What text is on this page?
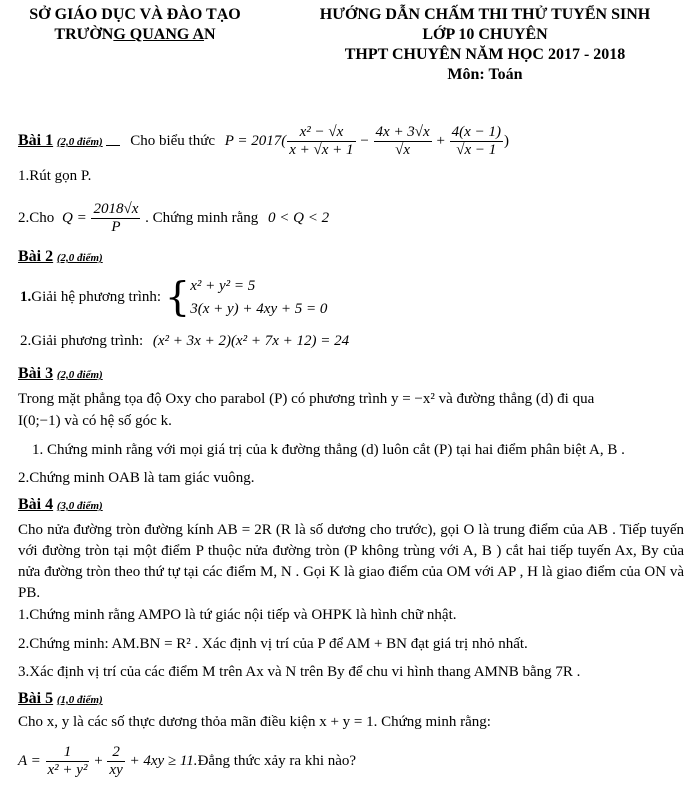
SỞ GIÁO DỤC VÀ ĐÀO TẠO
TRƯỜNG QUANG AN
HƯỚNG DẪN CHẤM THI THỬ TUYỂN SINH
LỚP 10 CHUYÊN
THPT CHUYÊN NĂM HỌC 2017 - 2018
Môn: Toán
Bài 1 (2,0 điểm) Cho biểu thức $P = 2017( \frac{\text{x² − √x}}{x + √x + 1} - \frac{4x + 3√x}{√x} + \frac{4(x - 1)}{√x - 1}$ )
1.Rút gọn P.
2.Cho $Q = \frac{2018√x}{P}$ . Chứng minh rằng 0 < Q < 2
Bài 2 (2,0 điểm)
1.Giải hệ phương trình: { x² + y² = 5
3(x + y) + 4xy + 5 = 0
2.Giải phương trình: (x² + 3x + 2)(x² + 7x + 12) = 24
Bài 3 (2,0 điểm)
Trong mặt phẳng tọa độ Oxy cho parabol (P) có phương trình y = −x² và đường thẳng (d) đi qua
I(0;−1) và có hệ số góc k.
1. Chứng minh rằng với mọi giá trị của k đường thẳng (d) luôn cắt (P) tại hai điểm phân biệt A, B .
2.Chứng minh OAB là tam giác vuông.
Bài 4 (3,0 điểm)
Cho nửa đường tròn đường kính AB = 2R (R là số dương cho trước), gọi O là trung điểm của AB . Tiếp tuyến với đường tròn tại một điểm P thuộc nửa đường tròn (P không trùng với A, B ) cắt hai tiếp tuyến Ax, By của nửa đường tròn theo thứ tự tại các điểm M, N . Gọi K là giao điểm của OM với AP , H là giao điểm của ON và PB.
1.Chứng minh rằng AMPO là tứ giác nội tiếp và OHPK là hình chữ nhật.
2.Chứng minh: AM.BN = R² . Xác định vị trí của P để AM + BN đạt giá trị nhỏ nhất.
3.Xác định vị trí của các điểm M trên Ax và N trên By để chu vi hình thang AMNB bằng 7R .
Bài 5 (1,0 điểm)
Cho x, y là các số thực dương thỏa mãn điều kiện x + y = 1. Chứng minh rằng:
$A = \frac{1}{\text{x² + y²}} + \frac{2}{xy} + 4xy$ ≥ 11.Đẳng thức xảy ra khi nào?
